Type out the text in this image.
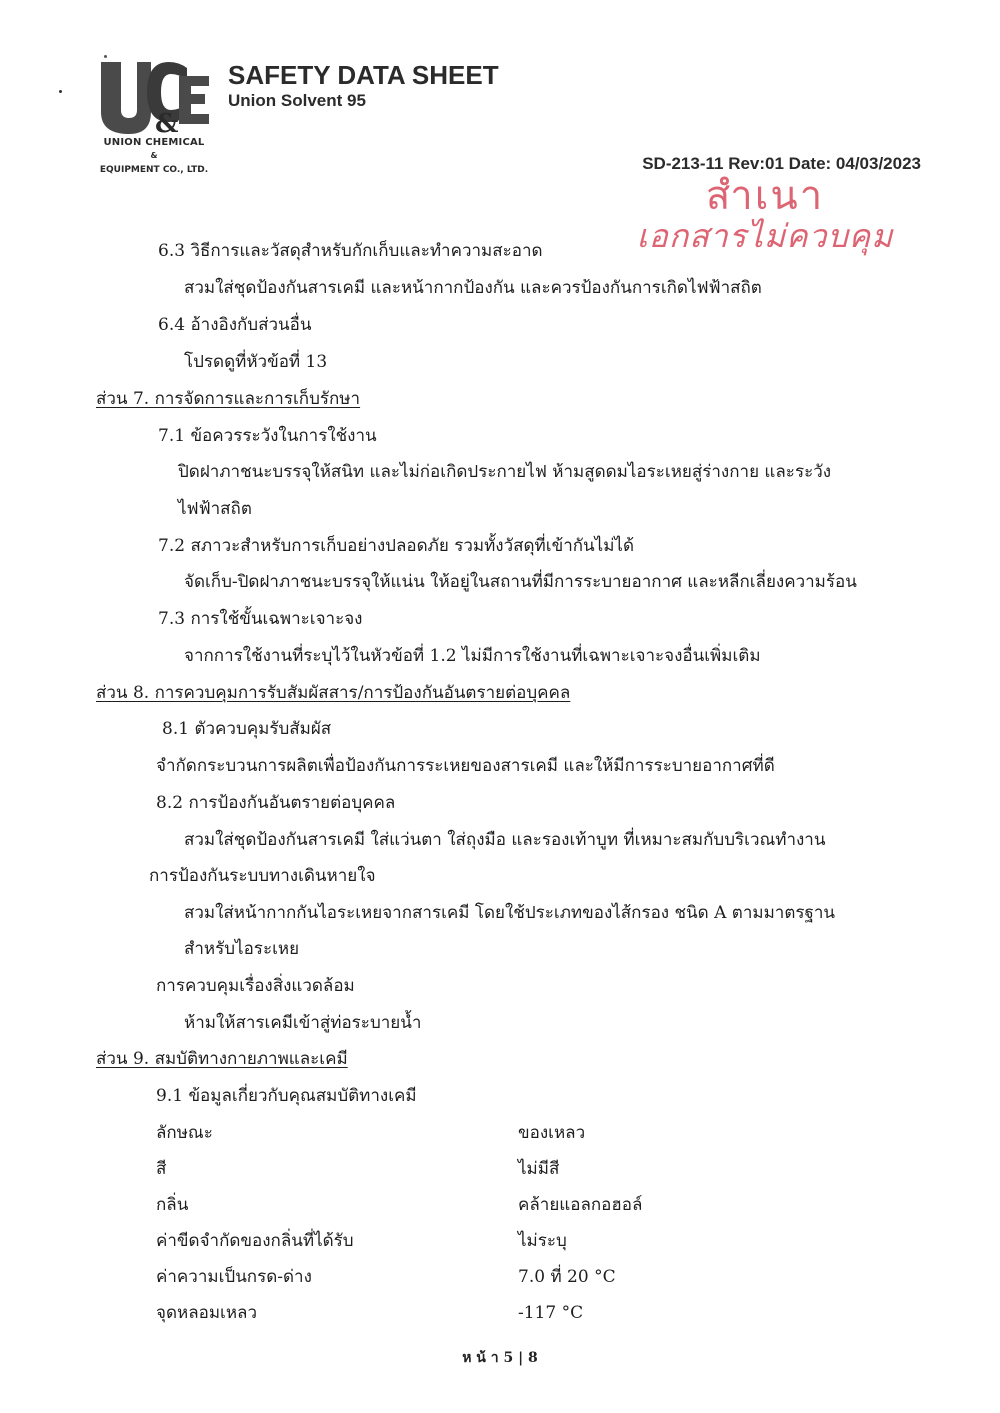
&
UNION CHEMICAL
&
EQUIPMENT CO., LTD.
SAFETY DATA SHEET
Union Solvent 95
SD-213-11 Rev:01 Date: 04/03/2023
สำเนา
เอกสารไม่ควบคุม
6.3 วิธีการและวัสดุสำหรับกักเก็บและทำความสะอาด
สวมใส่ชุดป้องกันสารเคมี และหน้ากากป้องกัน และควรป้องกันการเกิดไฟฟ้าสถิต
6.4 อ้างอิงกับส่วนอื่น
โปรดดูที่หัวข้อที่ 13
ส่วน 7. การจัดการและการเก็บรักษา
7.1 ข้อควรระวังในการใช้งาน
ปิดฝาภาชนะบรรจุให้สนิท และไม่ก่อเกิดประกายไฟ ห้ามสูดดมไอระเหยสู่ร่างกาย และระวัง
ไฟฟ้าสถิต
7.2 สภาวะสำหรับการเก็บอย่างปลอดภัย รวมทั้งวัสดุที่เข้ากันไม่ได้
จัดเก็บ-ปิดฝาภาชนะบรรจุให้แน่น ให้อยู่ในสถานที่มีการระบายอากาศ และหลีกเลี่ยงความร้อน
7.3 การใช้ขั้นเฉพาะเจาะจง
จากการใช้งานที่ระบุไว้ในหัวข้อที่ 1.2 ไม่มีการใช้งานที่เฉพาะเจาะจงอื่นเพิ่มเติม
ส่วน 8. การควบคุมการรับสัมผัสสาร/การป้องกันอันตรายต่อบุคคล
8.1 ตัวควบคุมรับสัมผัส
จำกัดกระบวนการผลิตเพื่อป้องกันการระเหยของสารเคมี และให้มีการระบายอากาศที่ดี
8.2 การป้องกันอันตรายต่อบุคคล
สวมใส่ชุดป้องกันสารเคมี ใส่แว่นตา ใส่ถุงมือ และรองเท้าบูท ที่เหมาะสมกับบริเวณทำงาน
การป้องกันระบบทางเดินหายใจ
สวมใส่หน้ากากกันไอระเหยจากสารเคมี โดยใช้ประเภทของไส้กรอง ชนิด A ตามมาตรฐาน
สำหรับไอระเหย
การควบคุมเรื่องสิ่งแวดล้อม
ห้ามให้สารเคมีเข้าสู่ท่อระบายน้ำ
ส่วน 9. สมบัติทางกายภาพและเคมี
9.1 ข้อมูลเกี่ยวกับคุณสมบัติทางเคมี
ลักษณะ	ของเหลว
สี	ไม่มีสี
กลิ่น	คล้ายแอลกอฮอล์
ค่าขีดจำกัดของกลิ่นที่ได้รับ	ไม่ระบุ
ค่าความเป็นกรด-ด่าง	7.0 ที่ 20 °C
จุดหลอมเหลว	-117 °C
ห น้ า 5 | 8
